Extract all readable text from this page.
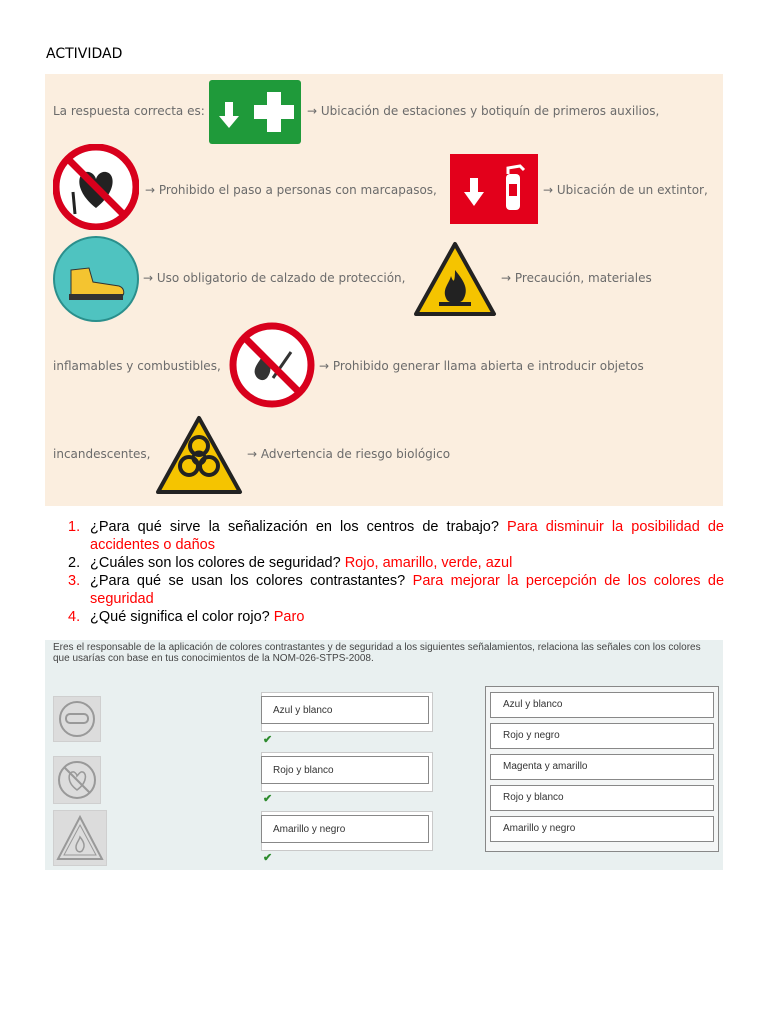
ACTIVIDAD
La respuesta correcta es:	→ Ubicación de estaciones y botiquín de primeros auxilios,
→ Prohibido el paso a personas con marcapasos,	→ Ubicación de un extintor,
→ Uso obligatorio de calzado de protección,	→ Precaución, materiales
inflamables y combustibles,	→ Prohibido generar llama abierta e introducir objetos
incandescentes,	→ Advertencia de riesgo biológico
1. ¿Para qué sirve la señalización en los centros de trabajo? Para disminuir la posibilidad de accidentes o daños
2. ¿Cuáles son los colores de seguridad? Rojo, amarillo, verde, azul
3. ¿Para qué se usan los colores contrastantes? Para mejorar la percepción de los colores de seguridad
4. ¿Qué significa el color rojo? Paro
Eres el responsable de la aplicación de colores contrastantes y de seguridad a los siguientes señalamientos, relaciona las señales con los colores que usarías con base en tus conocimientos de la NOM-026-STPS-2008.
Azul y blanco
✔
Rojo y blanco
✔
Amarillo y negro
✔
Azul y blanco
Rojo y negro
Magenta y amarillo
Rojo y blanco
Amarillo y negro
